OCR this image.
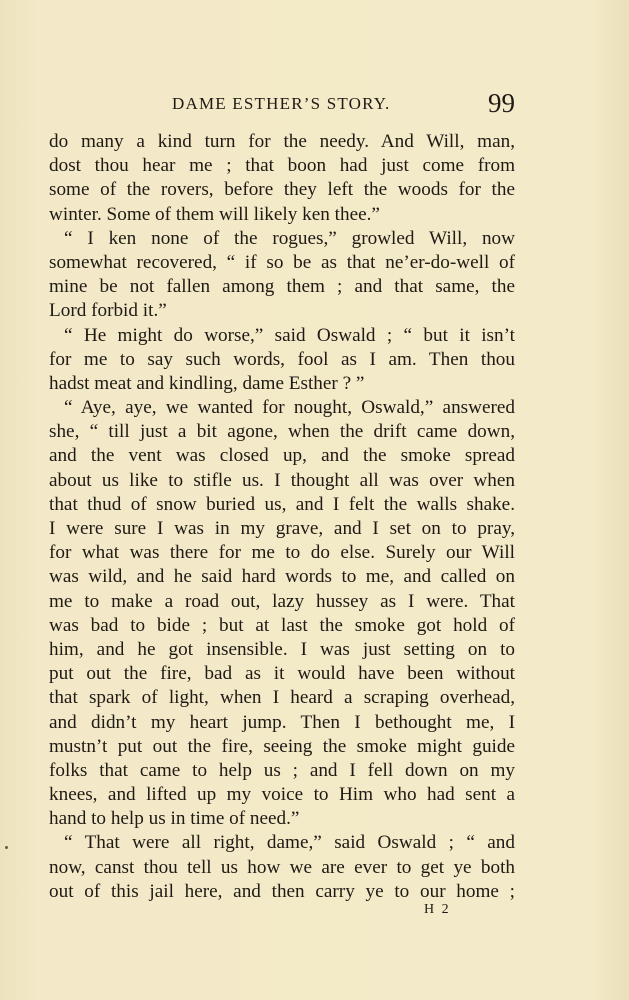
DAME ESTHER’S STORY.	99
do many a kind turn for the needy. And Will, man,
dost thou hear me ; that boon had just come from
some of the rovers, before they left the woods for the
winter. Some of them will likely ken thee.”
“ I ken none of the rogues,” growled Will, now
somewhat recovered, “ if so be as that ne’er-do-well of
mine be not fallen among them ; and that same, the
Lord forbid it.”
“ He might do worse,” said Oswald ; “ but it isn’t
for me to say such words, fool as I am. Then thou
hadst meat and kindling, dame Esther ? ”
“ Aye, aye, we wanted for nought, Oswald,” answered
she, “ till just a bit agone, when the drift came down,
and the vent was closed up, and the smoke spread
about us like to stifle us. I thought all was over when
that thud of snow buried us, and I felt the walls shake.
I were sure I was in my grave, and I set on to pray,
for what was there for me to do else. Surely our Will
was wild, and he said hard words to me, and called on
me to make a road out, lazy hussey as I were. That
was bad to bide ; but at last the smoke got hold of
him, and he got insensible. I was just setting on to
put out the fire, bad as it would have been without
that spark of light, when I heard a scraping overhead,
and didn’t my heart jump. Then I bethought me, I
mustn’t put out the fire, seeing the smoke might guide
folks that came to help us ; and I fell down on my
knees, and lifted up my voice to Him who had sent a
hand to help us in time of need.”
“ That were all right, dame,” said Oswald ; “ and
now, canst thou tell us how we are ever to get ye both
out of this jail here, and then carry ye to our home ;
H 2
